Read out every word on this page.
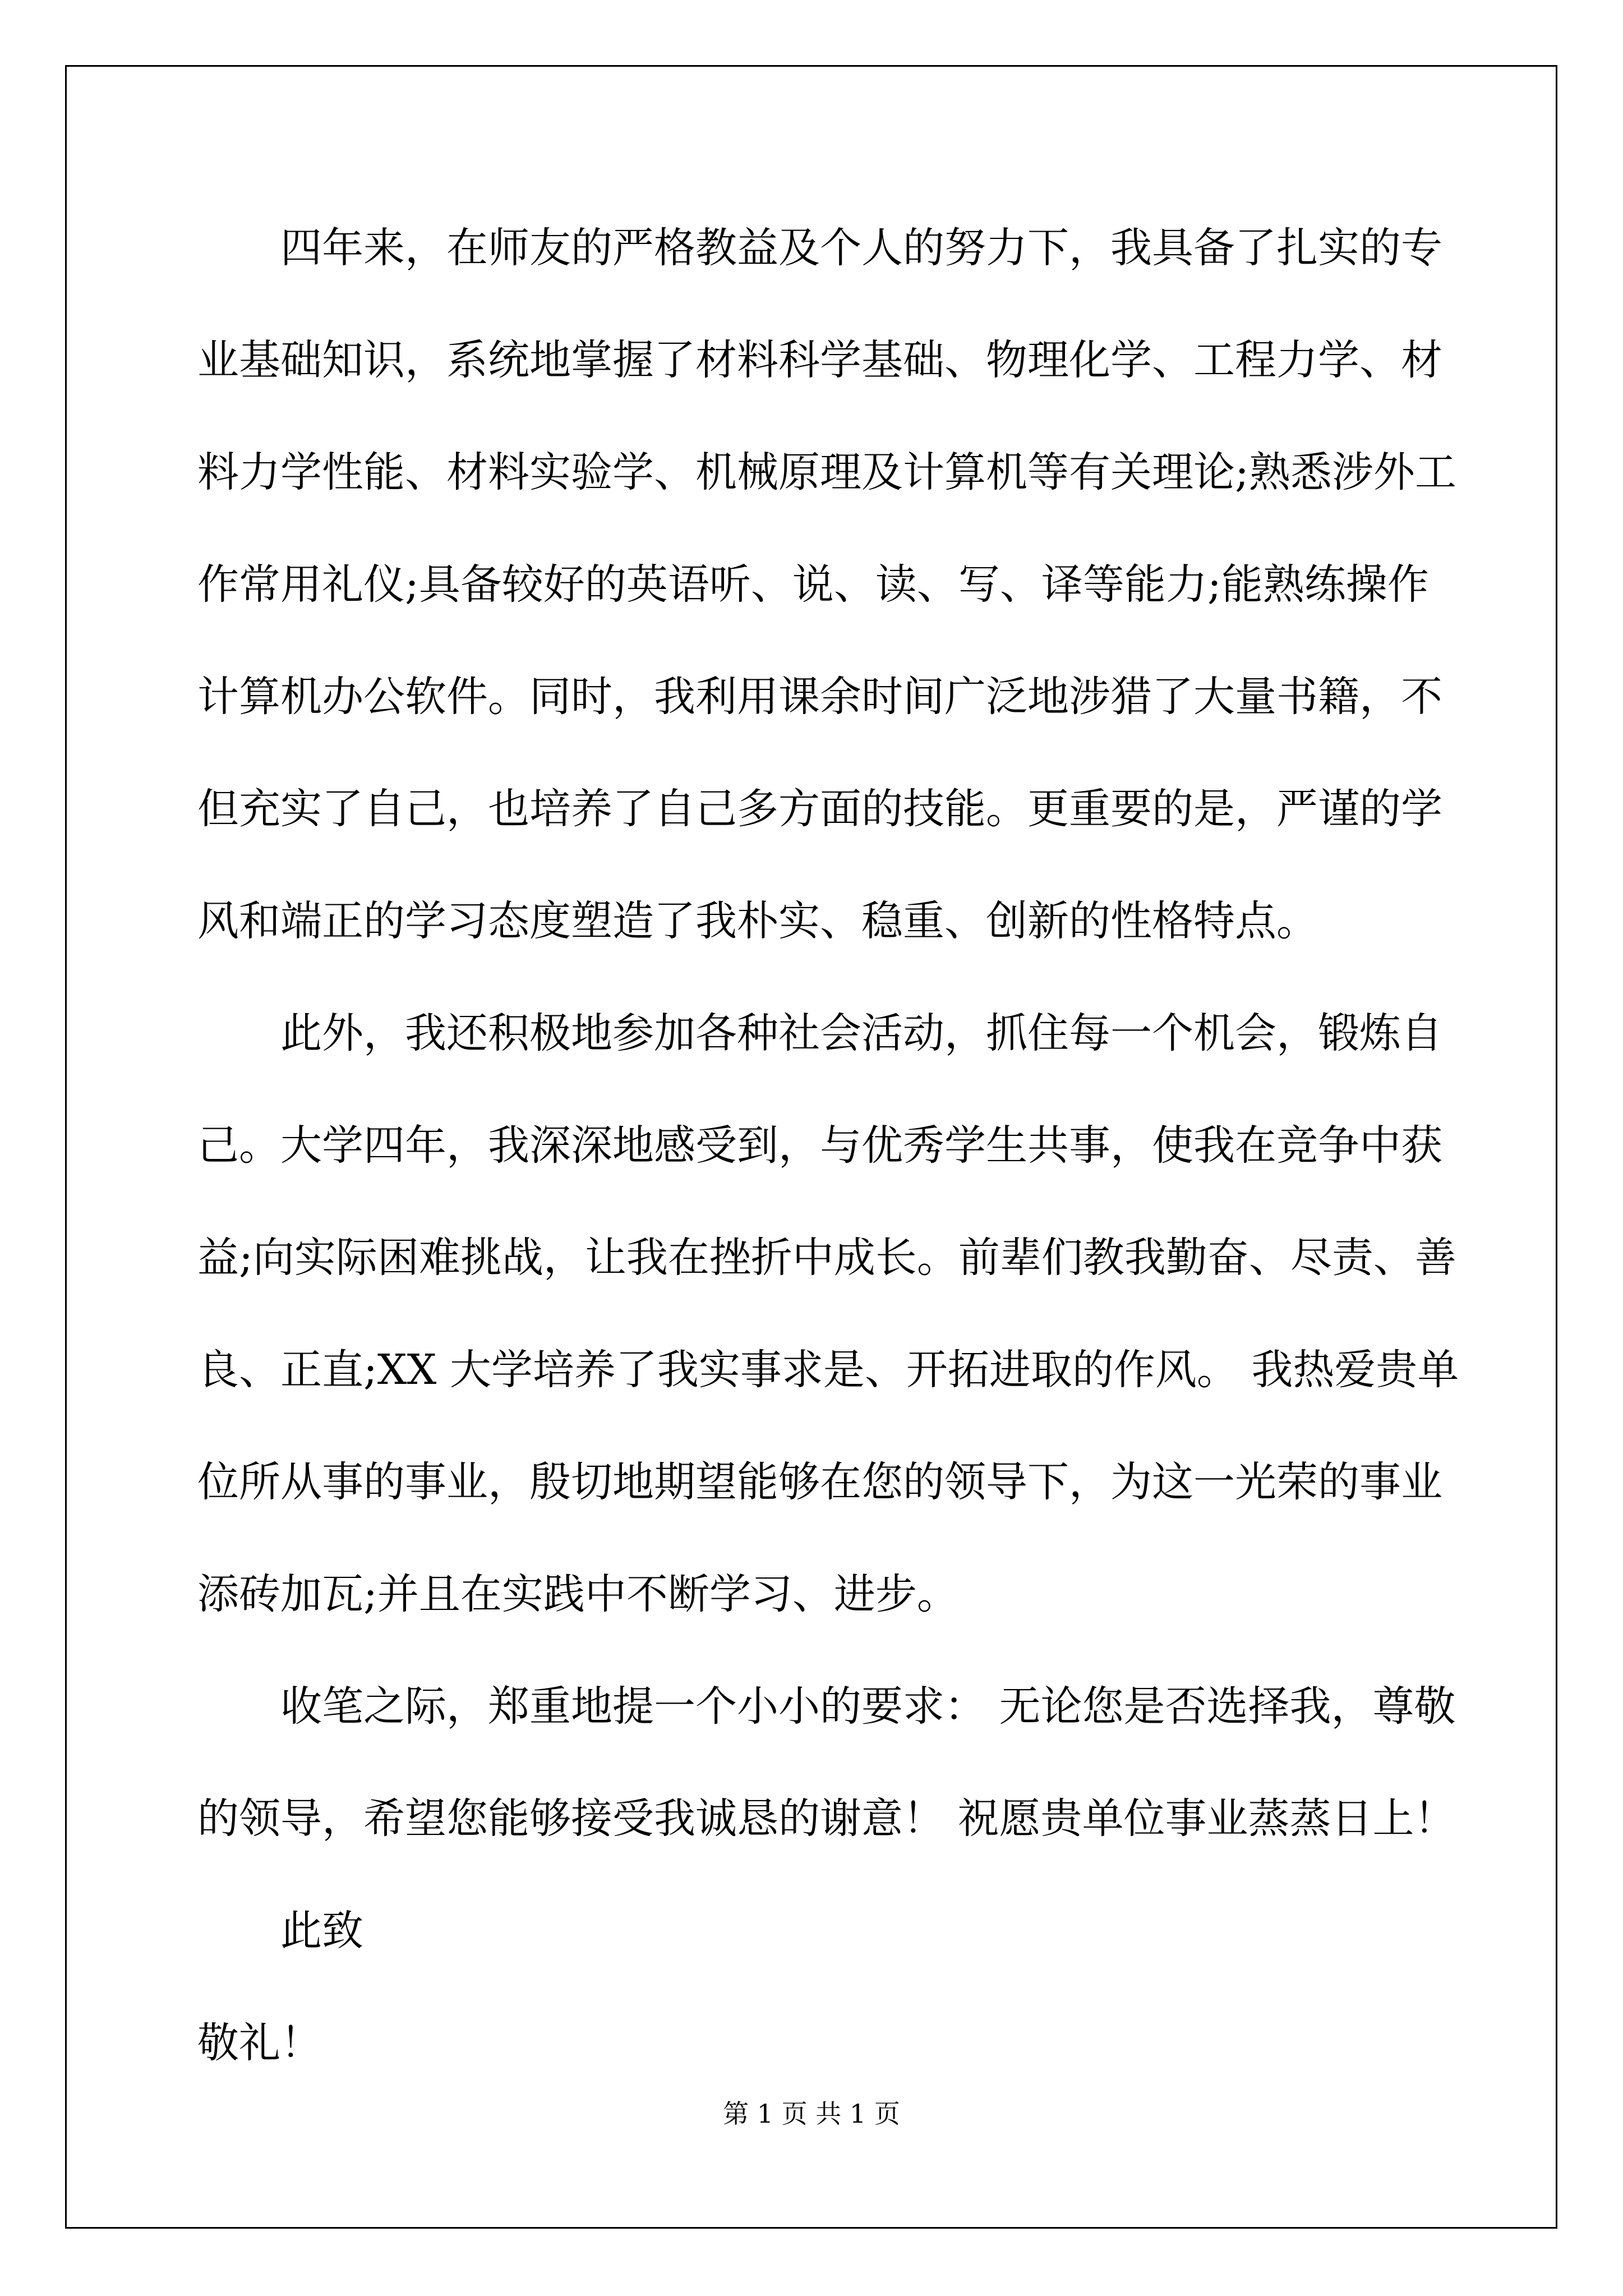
四年来，在师友的严格教益及个人的努力下，我具备了扎实的专
业基础知识，系统地掌握了材料科学基础、物理化学、工程力学、材
料力学性能、材料实验学、机械原理及计算机等有关理论;熟悉涉外工
作常用礼仪;具备较好的英语听、说、读、写、译等能力;能熟练操作
计算机办公软件。同时，我利用课余时间广泛地涉猎了大量书籍，不
但充实了自己，也培养了自己多方面的技能。更重要的是，严谨的学
风和端正的学习态度塑造了我朴实、稳重、创新的性格特点。
此外，我还积极地参加各种社会活动，抓住每一个机会，锻炼自
己。大学四年，我深深地感受到，与优秀学生共事，使我在竞争中获
益;向实际困难挑战，让我在挫折中成长。前辈们教我勤奋、尽责、善
良、正直;XX 大学培养了我实事求是、开拓进取的作风。 我热爱贵单
位所从事的事业，殷切地期望能够在您的领导下，为这一光荣的事业
添砖加瓦;并且在实践中不断学习、进步。
收笔之际，郑重地提一个小小的要求： 无论您是否选择我，尊敬
的领导，希望您能够接受我诚恳的谢意！ 祝愿贵单位事业蒸蒸日上！
此致
敬礼！
第 1 页 共 1 页
